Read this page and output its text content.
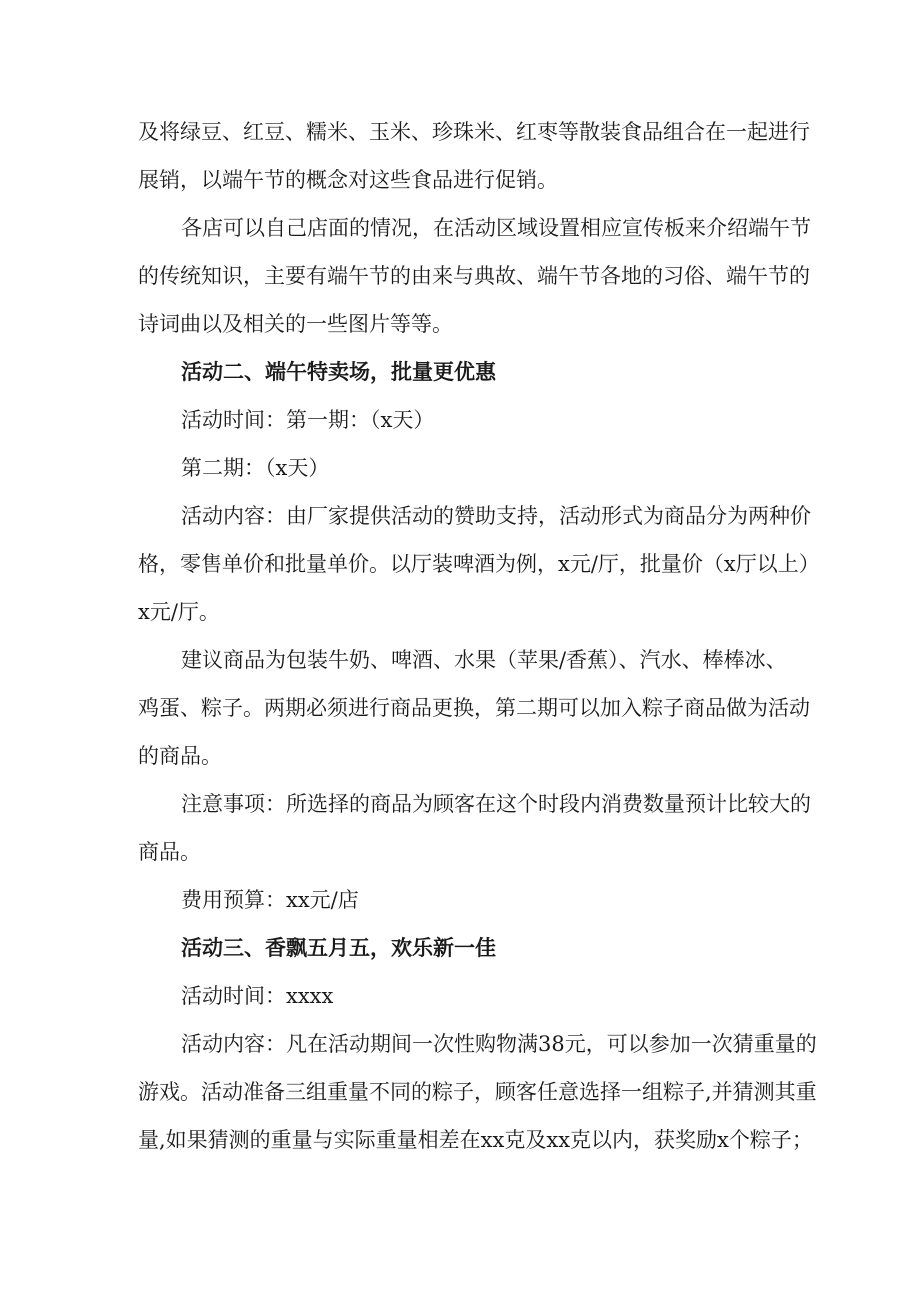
及将绿豆、红豆、糯米、玉米、珍珠米、红枣等散装食品组合在一起进行
展销，以端午节的概念对这些食品进行促销。
各店可以自己店面的情况，在活动区域设置相应宣传板来介绍端午节
的传统知识，主要有端午节的由来与典故、端午节各地的习俗、端午节的
诗词曲以及相关的一些图片等等。
活动二、端午特卖场，批量更优惠
活动时间：第一期：（x天）
第二期：（x天）
活动内容：由厂家提供活动的赞助支持，活动形式为商品分为两种价
格，零售单价和批量单价。以厅装啤酒为例，x元/厅，批量价（x厅以上）
x元/厅。
建议商品为包装牛奶、啤酒、水果（苹果/香蕉）、汽水、棒棒冰、
鸡蛋、粽子。两期必须进行商品更换，第二期可以加入粽子商品做为活动
的商品。
注意事项：所选择的商品为顾客在这个时段内消费数量预计比较大的
商品。
费用预算：xx元/店
活动三、香飘五月五，欢乐新一佳
活动时间：xxxx
活动内容：凡在活动期间一次性购物满38元，可以参加一次猜重量的
游戏。活动准备三组重量不同的粽子，顾客任意选择一组粽子,并猜测其重
量,如果猜测的重量与实际重量相差在xx克及xx克以内，获奖励x个粽子；
